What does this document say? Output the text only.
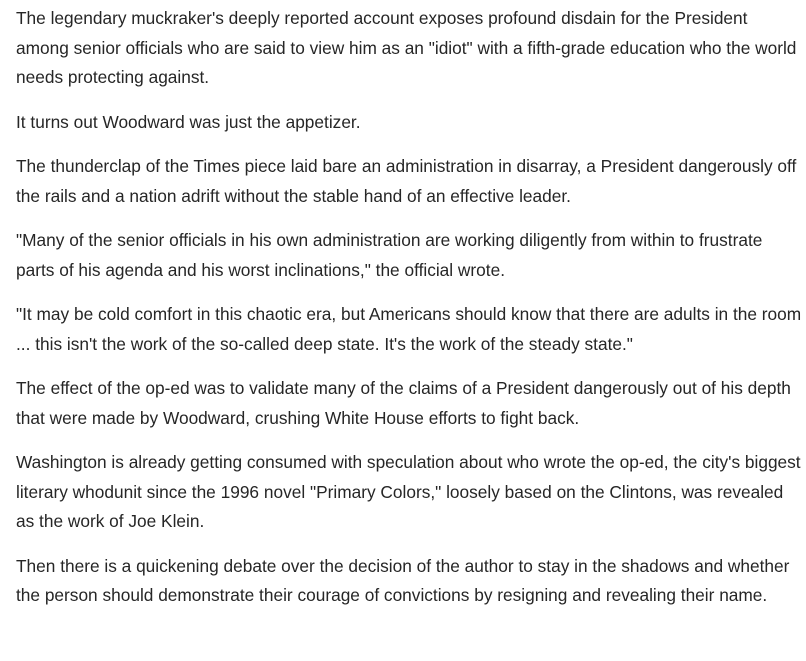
The legendary muckraker's deeply reported account exposes profound disdain for the President among senior officials who are said to view him as an "idiot" with a fifth-grade education who the world needs protecting against.

It turns out Woodward was just the appetizer.

The thunderclap of the Times piece laid bare an administration in disarray, a President dangerously off the rails and a nation adrift without the stable hand of an effective leader.

"Many of the senior officials in his own administration are working diligently from within to frustrate parts of his agenda and his worst inclinations," the official wrote.

"It may be cold comfort in this chaotic era, but Americans should know that there are adults in the room ... this isn't the work of the so-called deep state. It's the work of the steady state."

The effect of the op-ed was to validate many of the claims of a President dangerously out of his depth that were made by Woodward, crushing White House efforts to fight back.

Washington is already getting consumed with speculation about who wrote the op-ed, the city's biggest literary whodunit since the 1996 novel "Primary Colors," loosely based on the Clintons, was revealed as the work of Joe Klein.

Then there is a quickening debate over the decision of the author to stay in the shadows and whether the person should demonstrate their courage of convictions by resigning and revealing their name.
